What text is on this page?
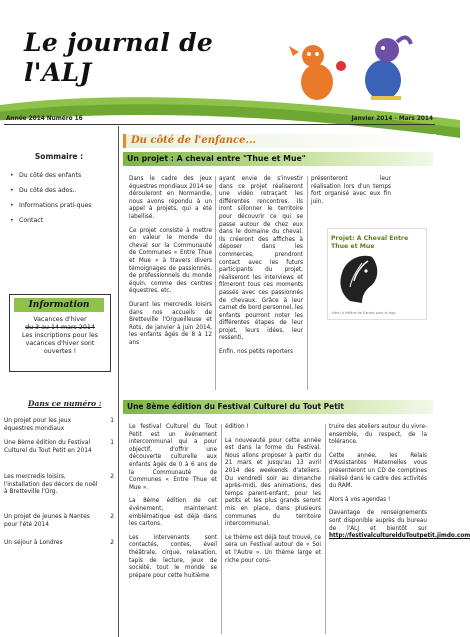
Le journal de
l'ALJ
Année 2014 Numéro 16	Janvier 2014 - Mars 2014
Sommaire :
• Du côté des enfants
• Du côté des ados..
• Informations prati-ques
• Contact
Information
Vacances d'hiver
du 3 au 14 mars 2014
Les inscriptions pour les vacances d'hiver sont ouvertes !
Dans ce numéro :
Un projet pour les jeux équestres mondiaux
1
Une 8ème édition du Festival Culturel du Tout Petit en 2014
1
Les mercredis loisirs, l'installation des décors de noël à Bretteville l'Org.
2
Un projet de jeunes à Nantes pour l'été 2014
2
Un séjour à Londres	2
Du côté de l'enfance...
Un projet : A cheval entre "Thue et Mue"

Dans le cadre des jeux équestres mondiaux 2014 se dérouleront en Normandie, nous avons répondu à un appel à projets, qui a été labellisé.

Ce projet consiste à mettre en valeur le monde du cheval sur la Communauté de Communes « Entre Thue et Mue » à travers divers témoignages de passionnés, de professionnels du monde équin. comme des centres équestres, etc.

Durant les mercredis loisirs dans nos accueils de Bretteville l'Orgueilleuse et Rots, de janvier à juin 2014, les enfants âgés de 8 à 12 ans

ayant envie de s'investir dans ce projet réaliseront une vidéo retraçant les différentes rencontres. Ils iront sillonner le territoire pour découvrir ce qui se passe autour de chez eux dans le domaine du cheval. Ils créeront des affiches à déposer dans les commerces, prendront contact avec les futurs participants du projet, réaliseront les interviews et filmeront tous ces moments passés avec ces passionnés de chevaux. Grâce à leur carnet de bord personnel, les enfants pourront noter les différentes étapes de leur projet, leurs idées, leur ressenti,

Enfin, nos petits reporters

présenteront leur réalisation lors d'un temps fort organisé avec eux fin juin.

Projet: A Cheval Entre Thue et Mue
Merci à Hélène de Gardon pour le logo
Une 8ème édition du Festival Culturel du Tout Petit

Le festival Culturel du Tout Petit est un événement intercommunal qui a pour objectif, d'offrir une découverte culturelle aux enfants âgés de 0 à 6 ans de la Communauté de Communes « Entre Thue et Mue ».

La 8ème édition de cet événement, maintenant emblématique est déjà dans les cartons.

Les intervenants sont contactés, contes, éveil théâtrale, cirque, relaxation, tapis de lecture, jeux de société, tout le monde se prépare pour cette huitième

édition !

La nouveauté pour cette année est dans la forme du Festival. Nous allons proposer à partir du 21 mars et jusqu'au 13 avril 2014 des weekends d'ateliers. Du vendredi soir au dimanche après-midi, des animations, des temps parent-enfant, pour les petits et les plus grands seront mis en place, dans plusieurs communes du territoire intercommunal.

Le thème est déjà tout trouvé, ce sera un Festival autour de « Soi et l'Autre ». Un thème large et riche pour cons-

truire des ateliers autour du vivre-ensemble, du respect, de la tolérance.

Cette année, les Relais d'Assistantes Maternelles vous présenteront un CD de comptines réalisé dans le cadre des activités du RAM.

Alors à vos agendas !

Davantage de renseignements sont disponible auprès du bureau de l'ALJ et bientôt sur http://festivalculturelduToutpetit.jimdo.com
